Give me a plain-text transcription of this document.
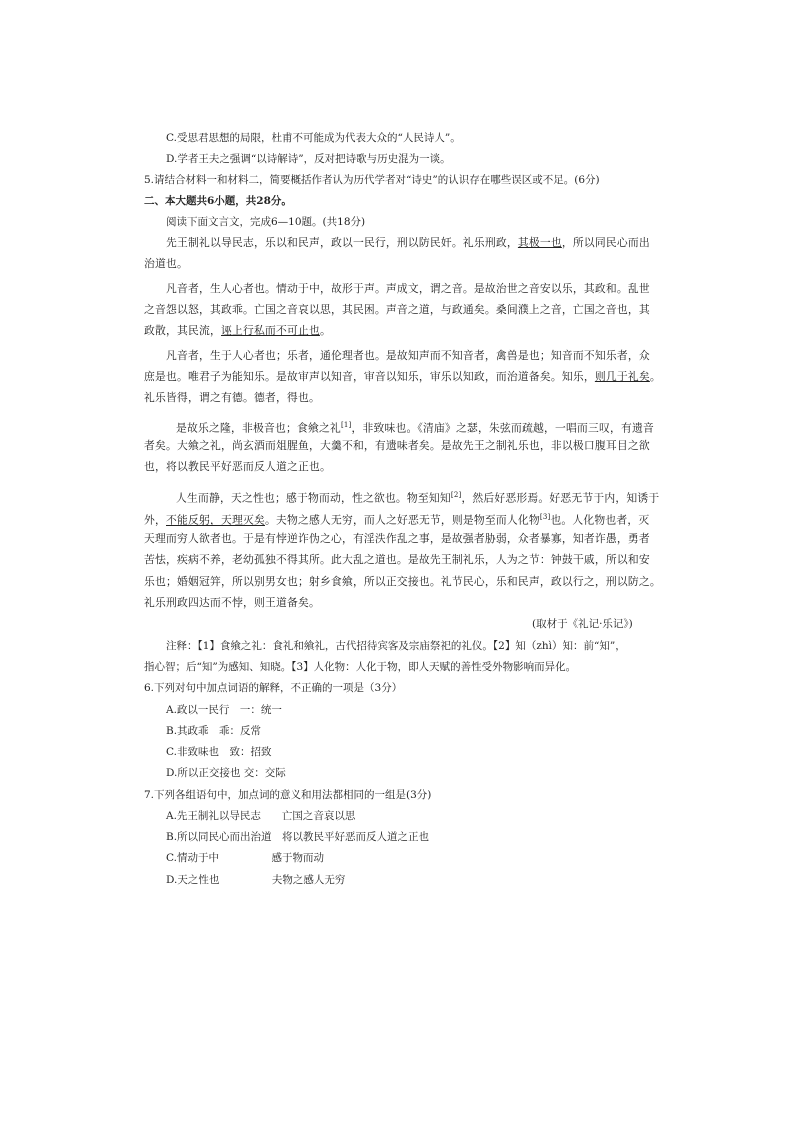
C.受思君思想的局限，杜甫不可能成为代表大众的“人民诗人”。
D.学者王夫之强调“以诗解诗”，反对把诗歌与历史混为一谈。
5.请结合材料一和材料二，简要概括作者认为历代学者对“诗史”的认识存在哪些误区或不足。(6分)
二、本大题共6小题，共28分。
阅读下面文言文，完成6—10题。(共18分)
先王制礼以导民志，乐以和民声，政以一民行，刑以防民奸。礼乐刑政，其极一也，所以同民心而出
治道也。
凡音者，生人心者也。情动于中，故形于声。声成文，谓之音。是故治世之音安以乐，其政和。乱世
之音怨以怒，其政乖。亡国之音哀以思，其民困。声音之道，与政通矣。桑间濮上之音，亡国之音也，其
政散，其民流，诬上行私而不可止也。
凡音者，生于人心者也；乐者，通伦理者也。是故知声而不知音者，禽兽是也；知音而不知乐者，众
庶是也。唯君子为能知乐。是故审声以知音，审音以知乐，审乐以知政，而治道备矣。知乐，则几于礼矣。
礼乐皆得，谓之有德。德者，得也。
是故乐之隆，非极音也；食飨之礼[1]，非致味也。《清庙》之瑟，朱弦而疏越，一唱而三叹，有遗音
者矣。大飨之礼，尚玄酒而俎腥鱼，大羹不和，有遗味者矣。是故先王之制礼乐也，非以极口腹耳目之欲
也，将以教民平好恶而反人道之正也。
人生而静，天之性也；感于物而动，性之欲也。物至知知[2]，然后好恶形焉。好恶无节于内，知诱于
外，不能反躬，天理灭矣。夫物之感人无穷，而人之好恶无节，则是物至而人化物[3]也。人化物也者，灭
天理而穷人欲者也。于是有悖逆诈伪之心，有淫泆作乱之事，是故强者胁弱，众者暴寡，知者诈愚，勇者
苦怯，疾病不养，老幼孤独不得其所。此大乱之道也。是故先王制礼乐，人为之节：钟鼓干戚，所以和安
乐也；婚姻冠笄，所以别男女也；射乡食飨，所以正交接也。礼节民心，乐和民声，政以行之，刑以防之。
礼乐刑政四达而不悖，则王道备矣。
(取材于《礼记·乐记》)
注释：【1】食飨之礼：食礼和飨礼，古代招待宾客及宗庙祭祀的礼仪。【2】知（zhì）知：前“知”，
指心智；后“知”为感知、知晓。【3】人化物：人化于物，即人天赋的善性受外物影响而异化。
6.下列对句中加点词语的解释，不正确的一项是（3分）
A.政以一民行　一：统一
B.其政乖　乖：反常
C.非致味也　致：招致
D.所以正交接也 交：交际
7.下列各组语句中，加点词的意义和用法都相同的一组是(3分)
A.先王制礼以导民志　　亡国之音哀以思
B.所以同民心而出治道　将以教民平好恶而反人道之正也
C.情动于中　　　　　感于物而动
D.天之性也　　　　　夫物之感人无穷
